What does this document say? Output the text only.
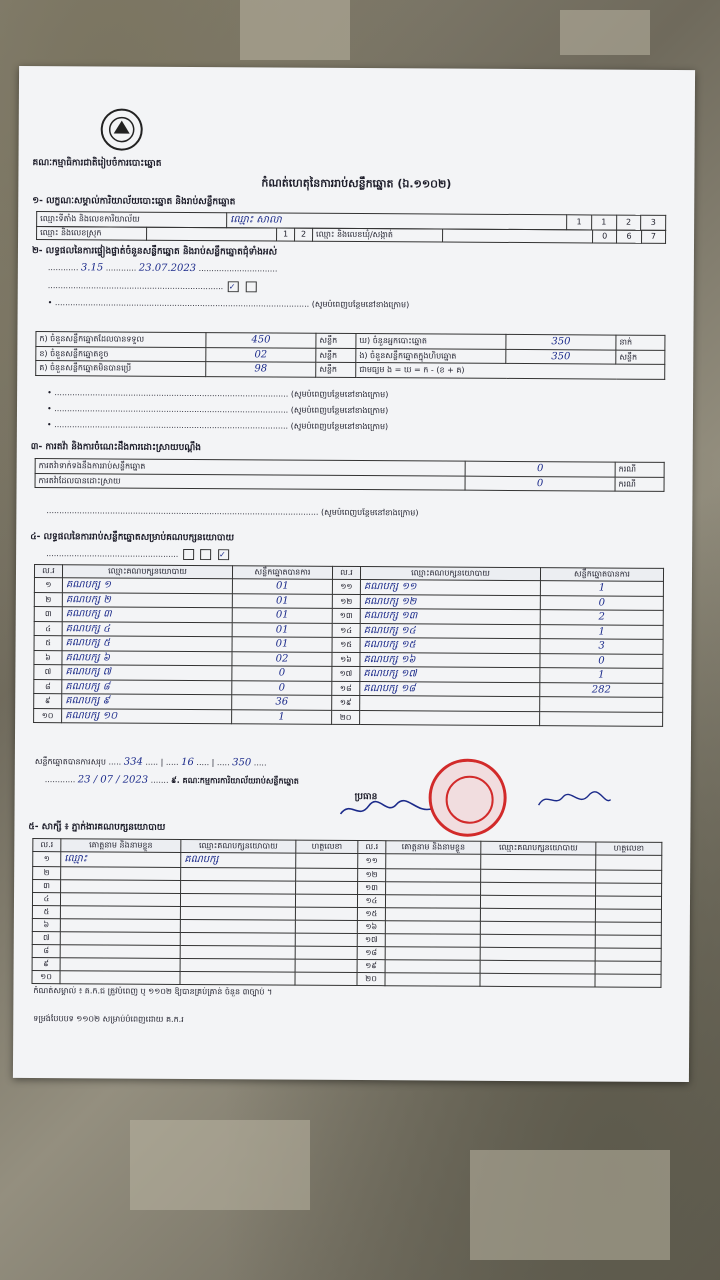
គណៈកម្មាធិការជាតិរៀបចំការបោះឆ្នោត
កំណត់ហេតុនៃការរាប់សន្លឹកឆ្នោត (ឯ.១១០២)
១- លក្ខណៈសម្គាល់ការិយាល័យបោះឆ្នោត និងរាប់សន្លឹកឆ្នោត
ឈ្មោះទីតាំង និងលេខការិយាល័យ	ឈ្មោះ សាលា	1	1	2	3
ឈ្មោះ និងលេខស្រុក		1	2	ឈ្មោះ និងលេខឃុំ/សង្កាត់		0	6	7
២- លទ្ធផលនៃការផ្ទៀងផ្ទាត់ចំនួនសន្លឹកឆ្នោត និងរាប់សន្លឹកឆ្នោតជុំទាំងអស់
............ 3.15 ............ 23.07.2023 ...............................
..................................................................... ✓
• .................................................................................................... (សូមបំពេញបន្ថែមនៅខាងក្រោម)
ក) ចំនួនសន្លឹកឆ្នោតដែលបានទទួល	450	សន្លឹក	ឃ) ចំនួនអ្នកបោះឆ្នោត	350	នាក់
ខ) ចំនួនសន្លឹកឆ្នោតខូច	02	សន្លឹក	ង) ចំនួនសន្លឹកឆ្នោតក្នុងហិបឆ្នោត	350	សន្លឹក
គ) ចំនួនសន្លឹកឆ្នោតមិនបានប្រើ	98	សន្លឹក	ជាមធ្យម ង = ឃ = ក - (ខ + គ)		
• ............................................................................................ (សូមបំពេញបន្ថែមនៅខាងក្រោម)
• ............................................................................................ (សូមបំពេញបន្ថែមនៅខាងក្រោម)
• ............................................................................................ (សូមបំពេញបន្ថែមនៅខាងក្រោម)
៣- ការតវ៉ា និងការចំណេះដឹងការដោះស្រាយបណ្ដឹង
ការតវ៉ាទាក់ទងនឹងការរាប់សន្លឹកឆ្នោត	0	ករណី
ការតវ៉ាដែលបានដោះស្រាយ	0	ករណី
........................................................................................................... (សូមបំពេញបន្ថែមនៅខាងក្រោម)
៤- លទ្ធផលនៃការរាប់សន្លឹកឆ្នោតសម្រាប់គណបក្សនយោបាយ
....................................................	✓
ល.រ	ឈ្មោះគណបក្សនយោបាយ	សន្លឹកឆ្នោតបានការ	ល.រ	ឈ្មោះគណបក្សនយោបាយ	សន្លឹកឆ្នោតបានការ
១	គណបក្ស ១	01	១១	គណបក្ស ១១	1
២	គណបក្ស ២	01	១២	គណបក្ស ១២	0
៣	គណបក្ស ៣	01	១៣	គណបក្ស ១៣	2
៤	គណបក្ស ៤	01	១៤	គណបក្ស ១៤	1
៥	គណបក្ស ៥	01	១៥	គណបក្ស ១៥	3
៦	គណបក្ស ៦	02	១៦	គណបក្ស ១៦	0
៧	គណបក្ស ៧	0	១៧	គណបក្ស ១៧	1
៨	គណបក្ស ៨	0	១៨	គណបក្ស ១៨	282
៩	គណបក្ស ៩	36	១៩		
១០	គណបក្ស ១០	1	២០		
សន្លឹកឆ្នោតបានការសរុប ..... 334 ..... | ..... 16 ..... | ..... 350 .....
............ 23 / 07 / 2023 ....... ៩. គណៈកម្មការការិយាល័យរាប់សន្លឹកឆ្នោត
ប្រធាន
៥- សាក្សី ៖ ភ្នាក់ងារគណបក្សនយោបាយ
ល.រ	គោត្តនាម និងនាមខ្លួន	ឈ្មោះគណបក្សនយោបាយ	ហត្ថលេខា	ល.រ	គោត្តនាម និងនាមខ្លួន	ឈ្មោះគណបក្សនយោបាយ	ហត្ថលេខា
១	ឈ្មោះ	គណបក្ស		១១			
២				១២			
៣				១៣			
៤				១៤			
៥				១៥			
៦				១៦			
៧				១៧			
៨				១៨			
៩				១៩			
១០				២០			
កំណត់សម្គាល់ ៖ គ.ក.ជ ត្រូវបំពេញ ឬ ១១០២ ឱ្យបានគ្រប់គ្រាន់ ចំនួន ៣ច្បាប់ ។
ទម្រង់បែបបទ ១១០២ សម្រាប់បំពេញដោយ គ.ក.រ
